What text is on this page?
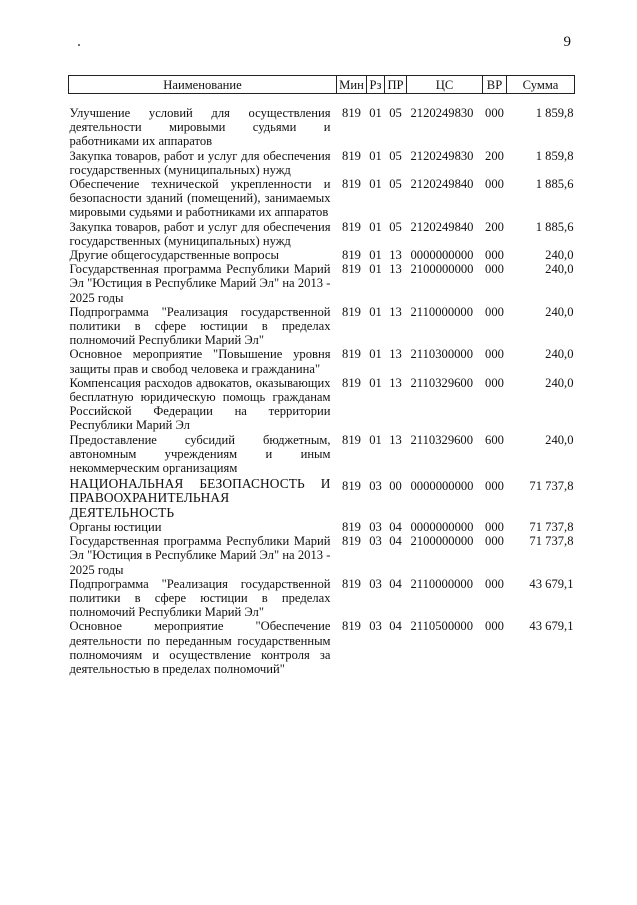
9
Наименование	Мин	Рз	ПР	ЦС	ВР	Сумма
Улучшение условий для осуществления деятельности мировыми судьями и работниками их аппаратов	819	01	05	2120249830	000	1 859,8
Закупка товаров, работ и услуг для обеспечения государственных (муниципальных) нужд	819	01	05	2120249830	200	1 859,8
Обеспечение технической укрепленности и безопасности зданий (помещений), занимаемых мировыми судьями и работниками их аппаратов	819	01	05	2120249840	000	1 885,6
Закупка товаров, работ и услуг для обеспечения государственных (муниципальных) нужд	819	01	05	2120249840	200	1 885,6
Другие общегосударственные вопросы	819	01	13	0000000000	000	240,0
Государственная программа Республики Марий Эл "Юстиция в Республике Марий Эл" на 2013 - 2025 годы	819	01	13	2100000000	000	240,0
Подпрограмма "Реализация государственной политики в сфере юстиции в пределах полномочий Республики Марий Эл"	819	01	13	2110000000	000	240,0
Основное мероприятие "Повышение уровня защиты прав и свобод человека и гражданина"	819	01	13	2110300000	000	240,0
Компенсация расходов адвокатов, оказывающих бесплатную юридическую помощь гражданам Российской Федерации на территории Республики Марий Эл	819	01	13	2110329600	000	240,0
Предоставление субсидий бюджетным, автономным учреждениям и иным некоммерческим организациям	819	01	13	2110329600	600	240,0
НАЦИОНАЛЬНАЯ БЕЗОПАСНОСТЬ И ПРАВООХРАНИТЕЛЬНАЯ ДЕЯТЕЛЬНОСТЬ	819	03	00	0000000000	000	71 737,8
Органы юстиции	819	03	04	0000000000	000	71 737,8
Государственная программа Республики Марий Эл "Юстиция в Республике Марий Эл" на 2013 - 2025 годы	819	03	04	2100000000	000	71 737,8
Подпрограмма "Реализация государственной политики в сфере юстиции в пределах полномочий Республики Марий Эл"	819	03	04	2110000000	000	43 679,1
Основное мероприятие "Обеспечение деятельности по переданным государственным полномочиям и осуществление контроля за деятельностью в пределах полномочий"	819	03	04	2110500000	000	43 679,1
